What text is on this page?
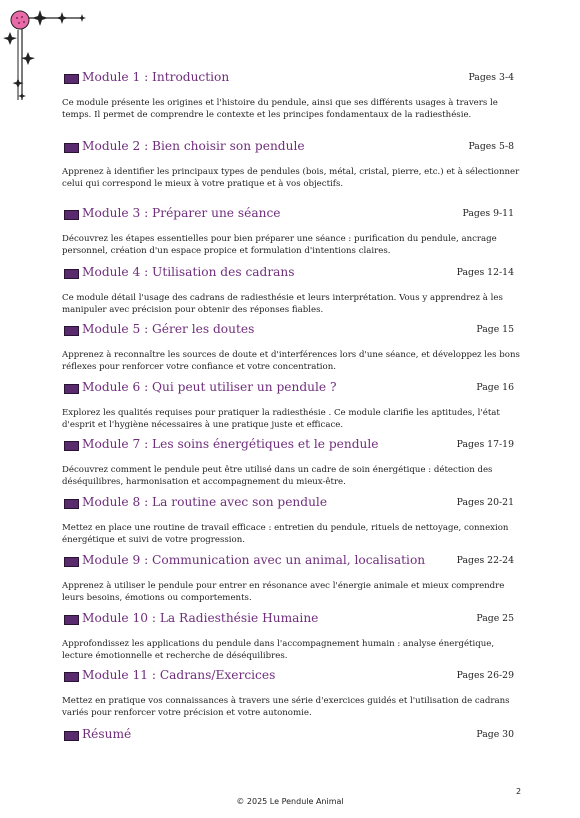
Module 1 : Introduction	Pages 3-4
Ce module présente les origines et l'histoire du pendule, ainsi que ses différents usages à travers le temps. Il permet de comprendre le contexte et les principes fondamentaux de la radiesthésie.
Module 2 : Bien choisir son pendule	Pages 5-8
Apprenez à identifier les principaux types de pendules (bois, métal, cristal, pierre, etc.) et à sélectionner celui qui correspond le mieux à votre pratique et à vos objectifs.
Module 3 : Préparer une séance	Pages 9-11
Découvrez les étapes essentielles pour bien préparer une séance : purification du pendule, ancrage personnel, création d'un espace propice et formulation d'intentions claires.
Module 4 : Utilisation des cadrans	Pages 12-14
Ce module détail l'usage des cadrans de radiesthésie et leurs interprétation. Vous y apprendrez à les manipuler avec précision pour obtenir des réponses fiables.
Module 5 : Gérer les doutes	Page 15
Apprenez à reconnaître les sources de doute et d'interférences lors d'une séance, et développez les bons réflexes pour renforcer votre confiance et votre concentration.
Module 6 : Qui peut utiliser un pendule ?	Page 16
Explorez les qualités requises pour pratiquer la radiesthésie . Ce module clarifie les aptitudes, l'état d'esprit et l'hygiène nécessaires à une pratique juste et efficace.
Module 7 : Les soins énergétiques et le pendule	Pages 17-19
Découvrez comment le pendule peut être utilisé dans un cadre de soin énergétique : détection des déséquilibres, harmonisation et accompagnement du mieux-être.
Module 8 : La routine avec son pendule	Pages 20-21
Mettez en place une routine de travail efficace : entretien du pendule, rituels de nettoyage, connexion énergétique et suivi de votre progression.
Module 9 : Communication avec un animal, localisation	Pages 22-24
Apprenez à utiliser le pendule pour entrer en résonance avec l'énergie animale et mieux comprendre leurs besoins, émotions ou comportements.
Module 10 : La Radiesthésie Humaine	Page 25
Approfondissez les applications du pendule dans l'accompagnement humain : analyse énergétique, lecture émotionnelle et recherche de déséquilibres.
Module 11 : Cadrans/Exercices	Pages 26-29
Mettez en pratique vos connaissances à travers une série d'exercices guidés et l'utilisation de cadrans variés pour renforcer votre précision et votre autonomie.
Résumé	Page 30
2
© 2025 Le Pendule Animal
